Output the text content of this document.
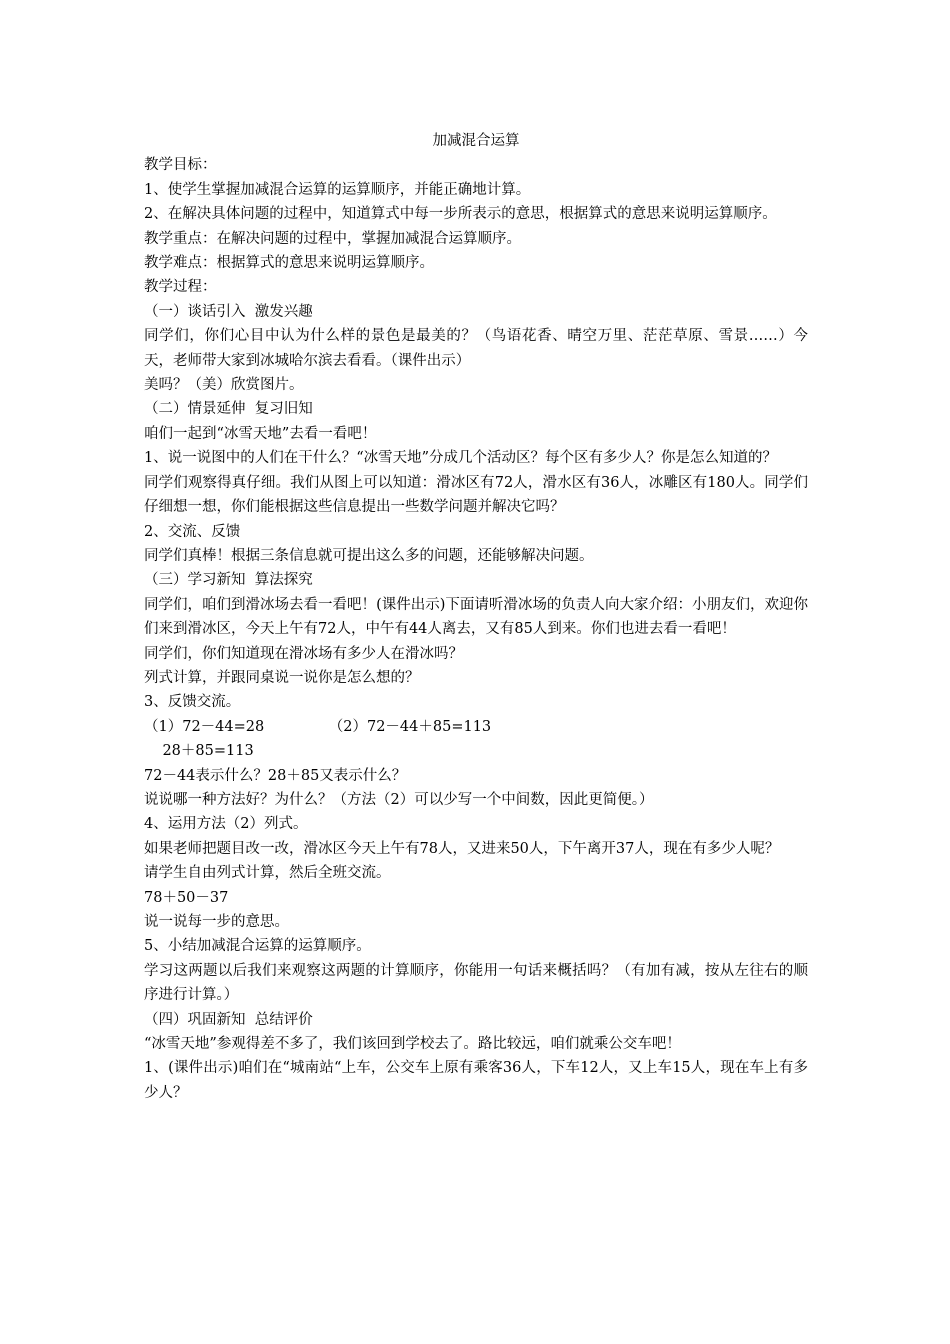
加减混合运算

教学目标：

1、使学生掌握加减混合运算的运算顺序，并能正确地计算。

2、在解决具体问题的过程中，知道算式中每一步所表示的意思，根据算式的意思来说明运算顺序。

教学重点：在解决问题的过程中，掌握加减混合运算顺序。

教学难点：根据算式的意思来说明运算顺序。

教学过程：

（一）谈话引入  激发兴趣

同学们，你们心目中认为什么样的景色是最美的？（鸟语花香、晴空万里、茫茫草原、雪景……）今天，老师带大家到冰城哈尔滨去看看。（课件出示）

美吗？（美）欣赏图片。

（二）情景延伸  复习旧知

咱们一起到“冰雪天地”去看一看吧！

1、说一说图中的人们在干什么？“冰雪天地”分成几个活动区？每个区有多少人？你是怎么知道的？

同学们观察得真仔细。我们从图上可以知道：滑冰区有72人，滑水区有36人，冰雕区有180人。同学们仔细想一想，你们能根据这些信息提出一些数学问题并解决它吗？

2、交流、反馈

同学们真棒！根据三条信息就可提出这么多的问题，还能够解决问题。

（三）学习新知  算法探究

同学们，咱们到滑冰场去看一看吧！(课件出示)下面请听滑冰场的负责人向大家介绍：小朋友们，欢迎你们来到滑冰区，今天上午有72人，中午有44人离去，又有85人到来。你们也进去看一看吧！

同学们，你们知道现在滑冰场有多少人在滑冰吗？

列式计算，并跟同桌说一说你是怎么想的？

3、反馈交流。

（1）72－44=28              （2）72－44＋85=113

28＋85=113

72－44表示什么？28＋85又表示什么？

说说哪一种方法好？为什么？（方法（2）可以少写一个中间数，因此更简便。）

4、运用方法（2）列式。

如果老师把题目改一改，滑冰区今天上午有78人，又进来50人，下午离开37人，现在有多少人呢？

请学生自由列式计算，然后全班交流。

78＋50－37

说一说每一步的意思。

5、小结加减混合运算的运算顺序。

学习这两题以后我们来观察这两题的计算顺序，你能用一句话来概括吗？（有加有减，按从左往右的顺序进行计算。）

（四）巩固新知  总结评价

“冰雪天地”参观得差不多了，我们该回到学校去了。路比较远，咱们就乘公交车吧！

1、(课件出示)咱们在“城南站“上车，公交车上原有乘客36人，下车12人，又上车15人，现在车上有多少人？
